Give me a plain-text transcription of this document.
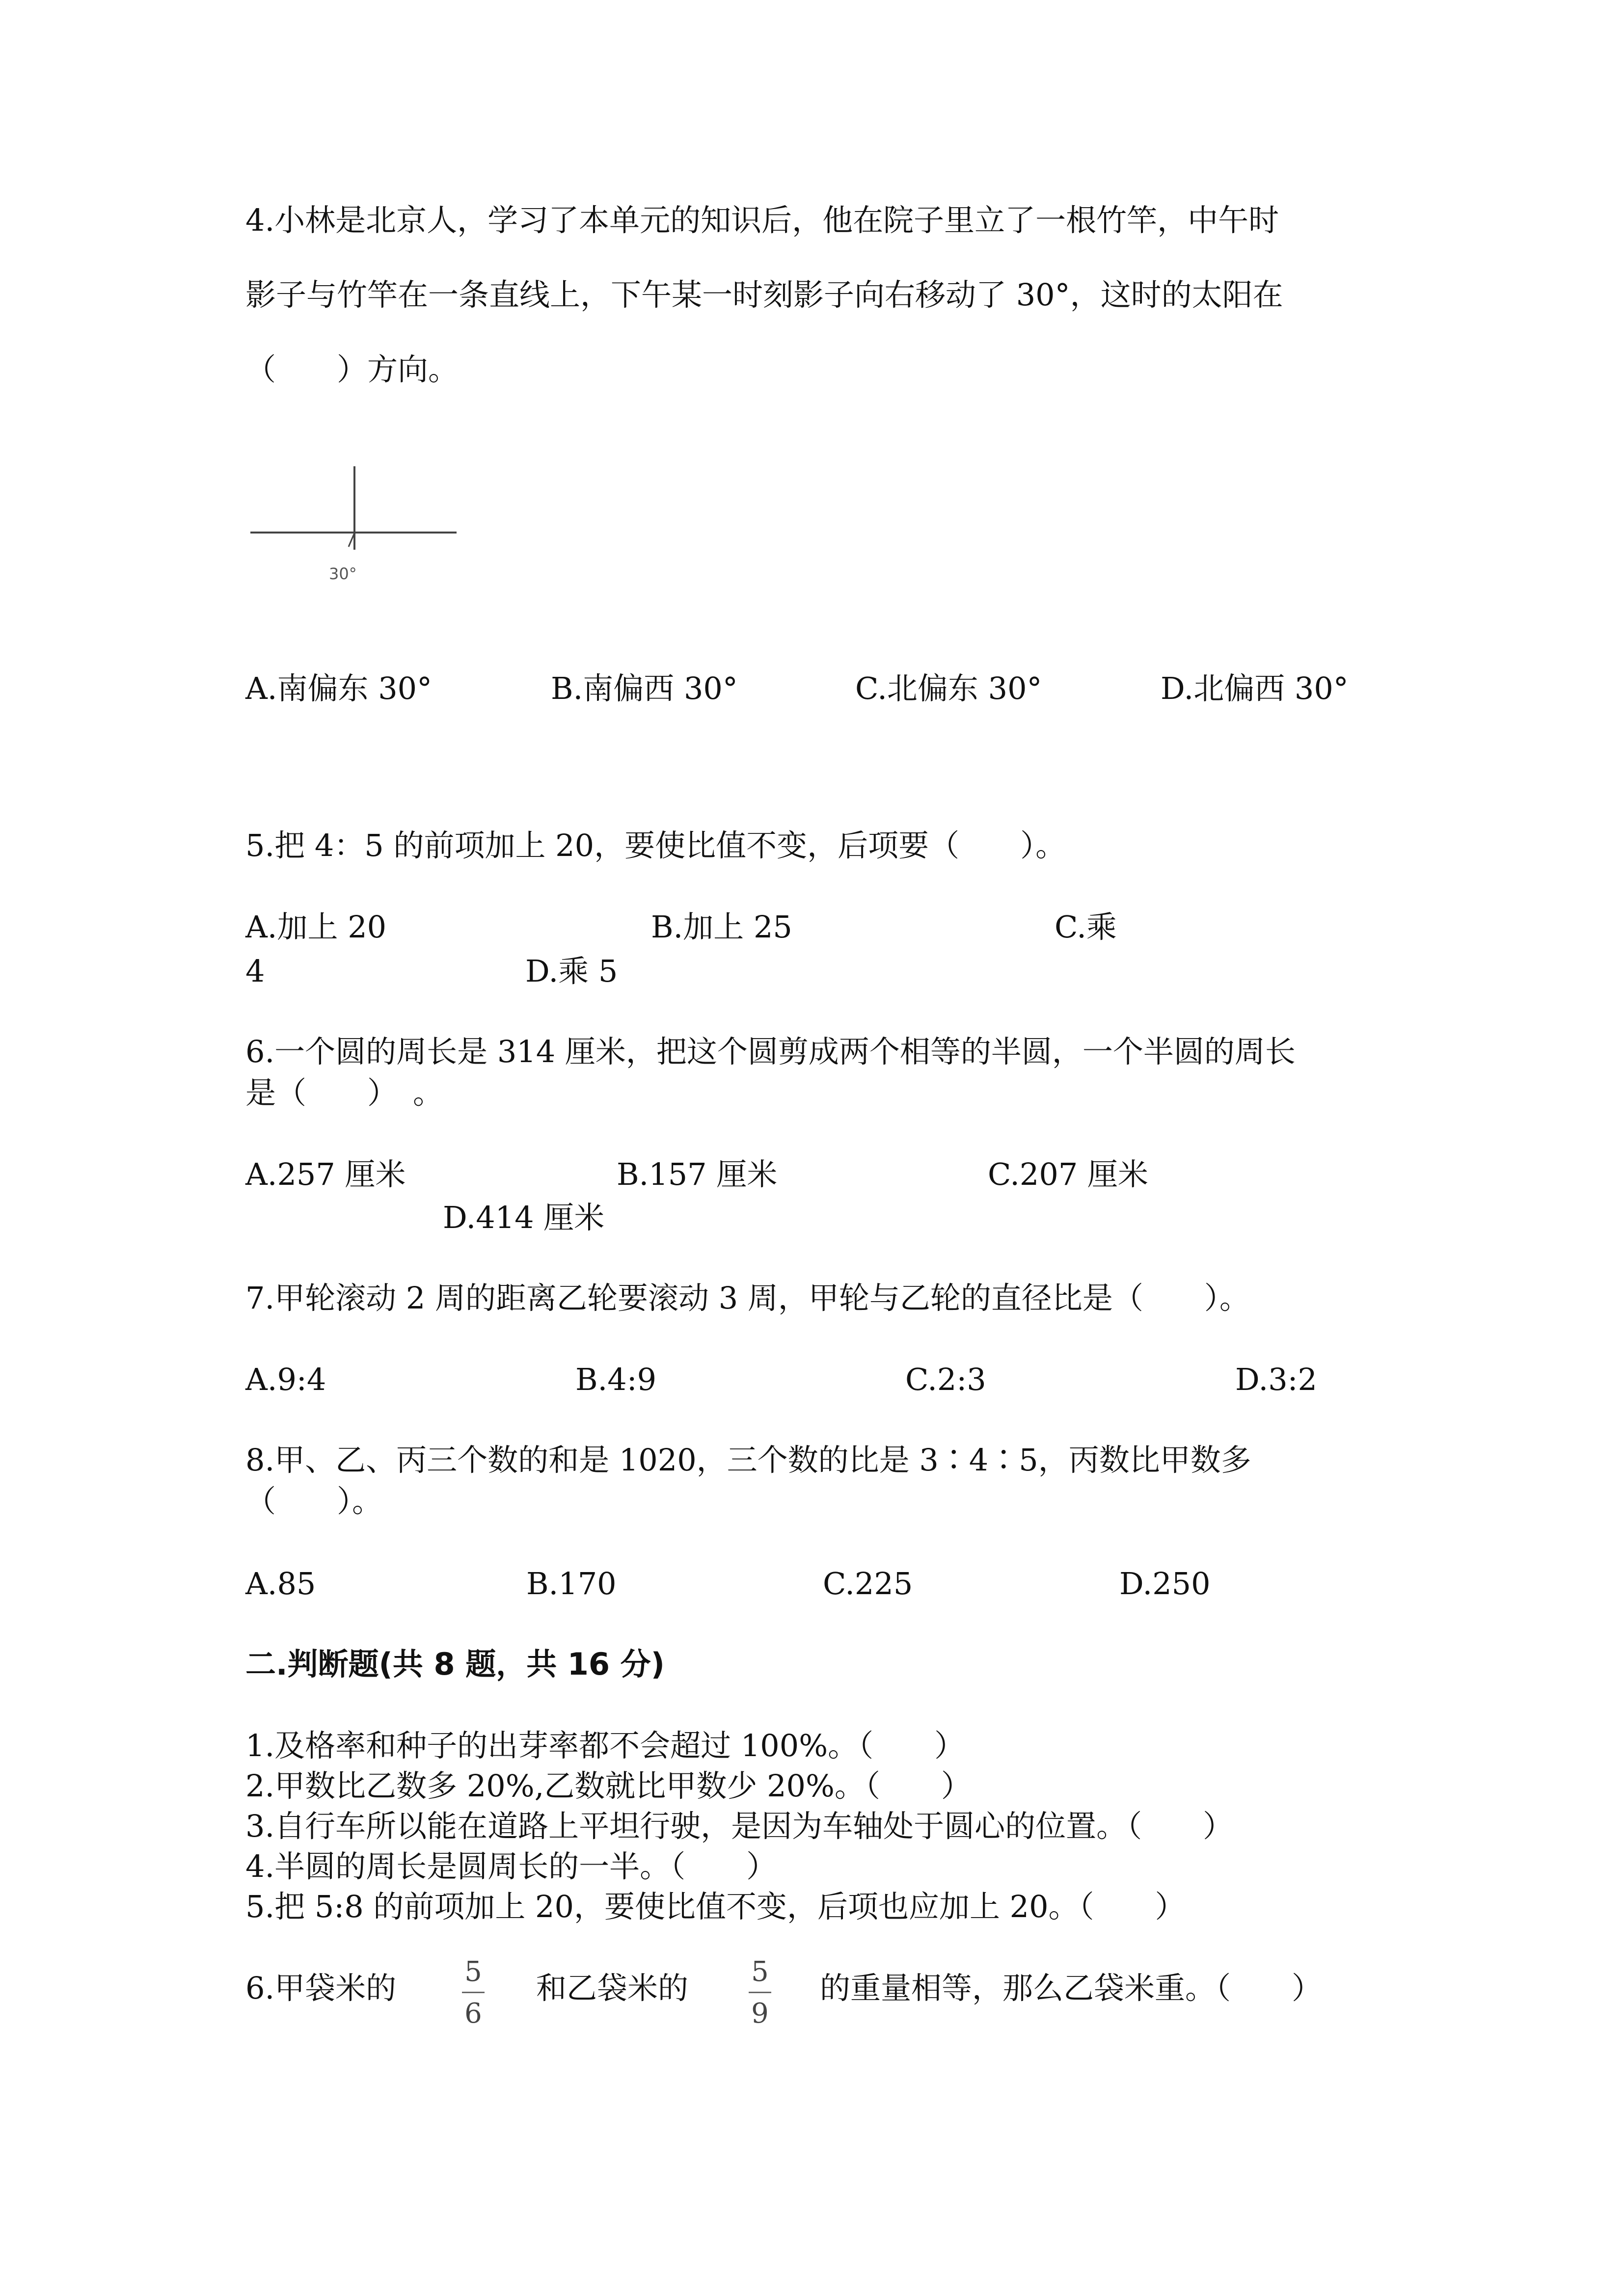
4.小林是北京人，学习了本单元的知识后，他在院子里立了一根竹竿，中午时
影子与竹竿在一条直线上，下午某一时刻影子向右移动了 30°，这时的太阳在
（　　）方向。
30°
A.南偏东 30°	B.南偏西 30°	C.北偏东 30°	D.北偏西 30°
5.把 4：5 的前项加上 20，要使比值不变，后项要（　　）。
A.加上 20	B.加上 25	C.乘
4	D.乘 5
6.一个圆的周长是 314 厘米，把这个圆剪成两个相等的半圆，一个半圆的周长
是（　　）　。
A.257 厘米	B.157 厘米	C.207 厘米
D.414 厘米
7.甲轮滚动 2 周的距离乙轮要滚动 3 周，甲轮与乙轮的直径比是（　　）。
A.9:4	B.4:9	C.2:3	D.3:2
8.甲、乙、丙三个数的和是 1020，三个数的比是 3∶4∶5，丙数比甲数多
（　　）。
A.85	B.170	C.225	D.250
二.判断题(共 8 题，共 16 分)
1.及格率和种子的出芽率都不会超过 100%。（　　）
2.甲数比乙数多 20%,乙数就比甲数少 20%。（　　）
3.自行车所以能在道路上平坦行驶，是因为车轴处于圆心的位置。（　　）
4.半圆的周长是圆周长的一半。（　　）
5.把 5:8 的前项加上 20，要使比值不变，后项也应加上 20。（　　）
6.甲袋米的 5
6
和乙袋米的 5
9
的重量相等，那么乙袋米重。（　　）
